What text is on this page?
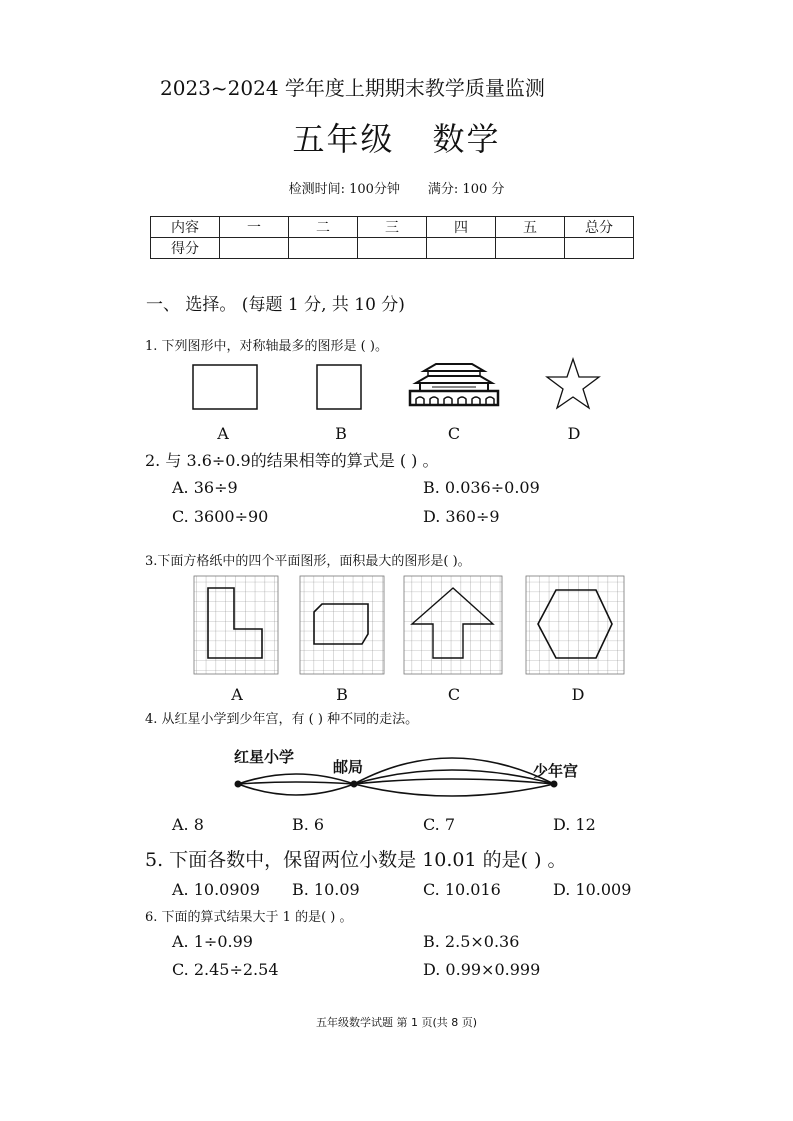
2023~2024 学年度上期期末教学质量监测
五年级 数学
检测时间: 100分钟 满分: 100 分
内容	一	二	三	四	五	总分
得分						
一、 选择。 (每题 1 分, 共 10 分)
1. 下列图形中，对称轴最多的图形是 ( )。
A	B	C	D
2. 与 3.6÷0.9的结果相等的算式是 ( ) 。
A. 36÷9	B. 0.036÷0.09
C. 3600÷90	D. 360÷9
3.下面方格纸中的四个平面图形，面积最大的图形是( )。
A	B	C	D
4. 从红星小学到少年宫，有 ( ) 种不同的走法。
红星小学
邮局	少年宫
A. 8	B. 6	C. 7	D. 12
5. 下面各数中，保留两位小数是 10.01 的是( ) 。
A. 10.0909 B. 10.09	C. 10.016	D. 10.009
6. 下面的算式结果大于 1 的是( ) 。
A. 1÷0.99	B. 2.5×0.36
C. 2.45÷2.54	D. 0.99×0.999
五年级数学试题 第 1 页(共 8 页)
